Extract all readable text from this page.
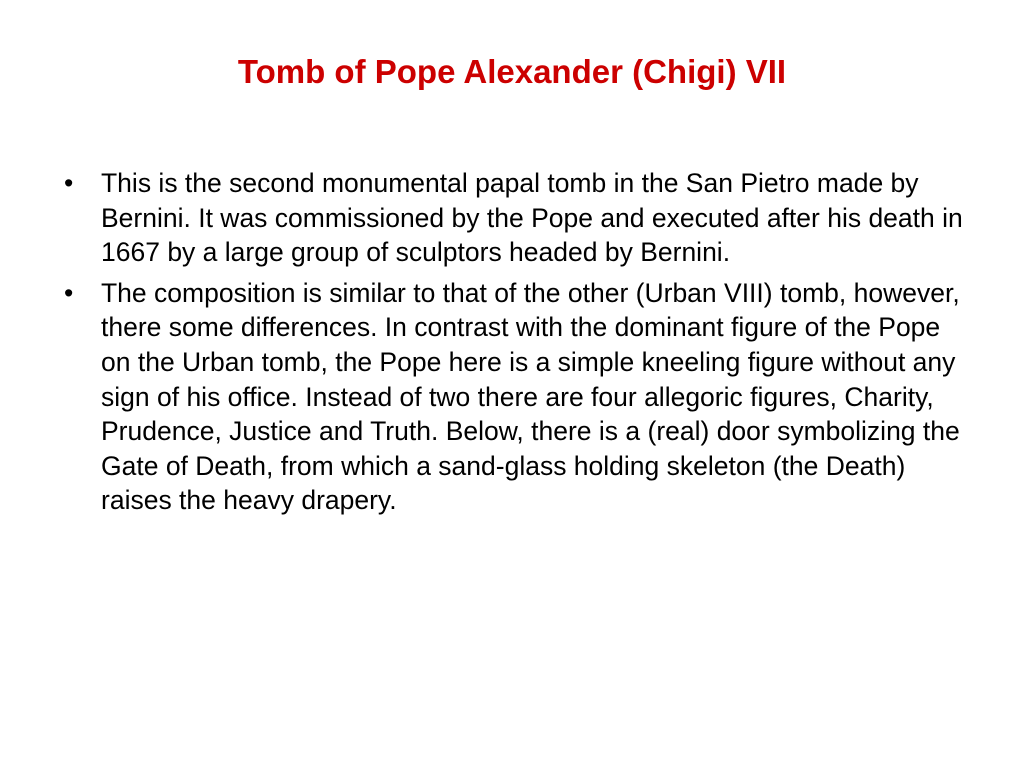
Tomb of Pope Alexander (Chigi) VII
•	This is the second monumental papal tomb in the San Pietro made by Bernini. It was commissioned by the Pope and executed after his death in 1667 by a large group of sculptors headed by Bernini.
•	The composition is similar to that of the other (Urban VIII) tomb, however, there some differences. In contrast with the dominant figure of the Pope on the Urban tomb, the Pope here is a simple kneeling figure without any sign of his office. Instead of two there are four allegoric figures, Charity, Prudence, Justice and Truth. Below, there is a (real) door symbolizing the Gate of Death, from which a sand-glass holding skeleton (the Death) raises the heavy drapery.
